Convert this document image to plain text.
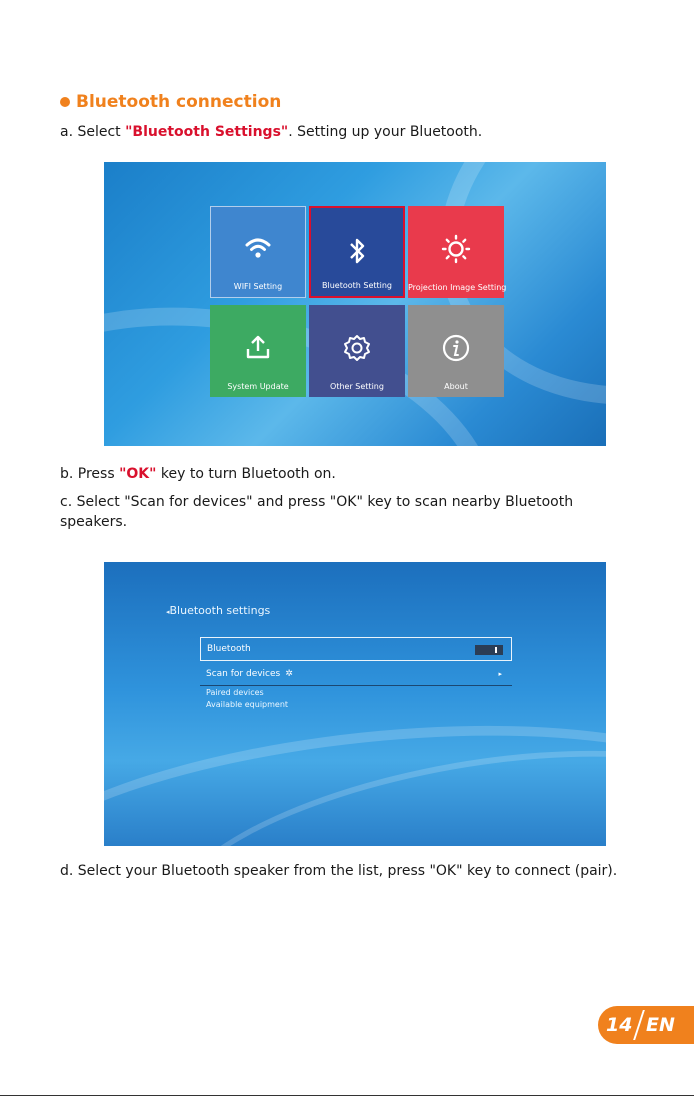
Bluetooth connection
a. Select "Bluetooth Settings". Setting up your Bluetooth.
WIFI Setting	Bluetooth Setting	Projection Image Setting
System Update	Other Setting	About
b. Press "OK" key to turn Bluetooth on.
c. Select "Scan for devices" and press "OK" key to scan nearby Bluetooth
speakers.
◂Bluetooth settings
Bluetooth
Scan for devices ✲	▸
Paired devices
Available equipment
d. Select your Bluetooth speaker from the list, press "OK" key to connect (pair).
14 EN
